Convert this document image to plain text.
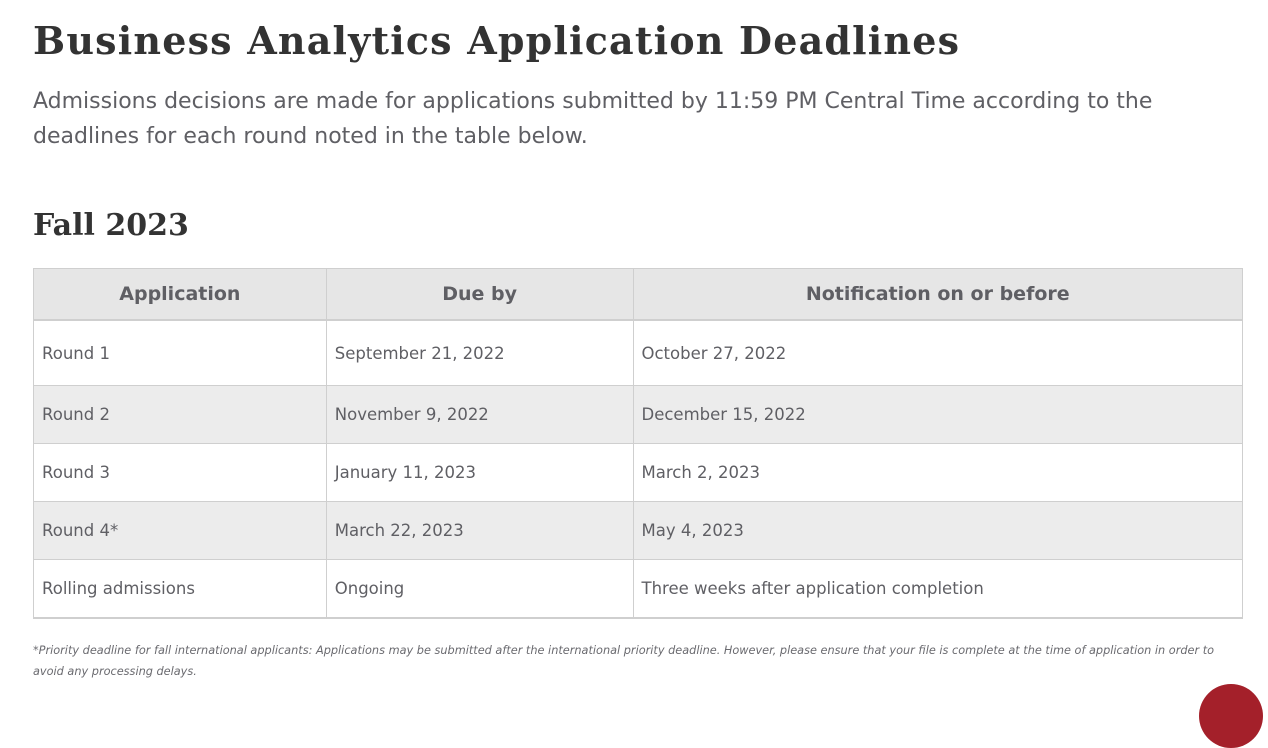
Business Analytics Application Deadlines

Admissions decisions are made for applications submitted by 11:59 PM Central Time according to the deadlines for each round noted in the table below.

Fall 2023
Application	Due by	Notification on or before
Round 1	September 21, 2022	October 27, 2022
Round 2	November 9, 2022	December 15, 2022
Round 3	January 11, 2023	March 2, 2023
Round 4*	March 22, 2023	May 4, 2023
Rolling admissions	Ongoing	Three weeks after application completion

*Priority deadline for fall international applicants: Applications may be submitted after the international priority deadline. However, please ensure that your file is complete at the time of application in order to avoid any processing delays.
